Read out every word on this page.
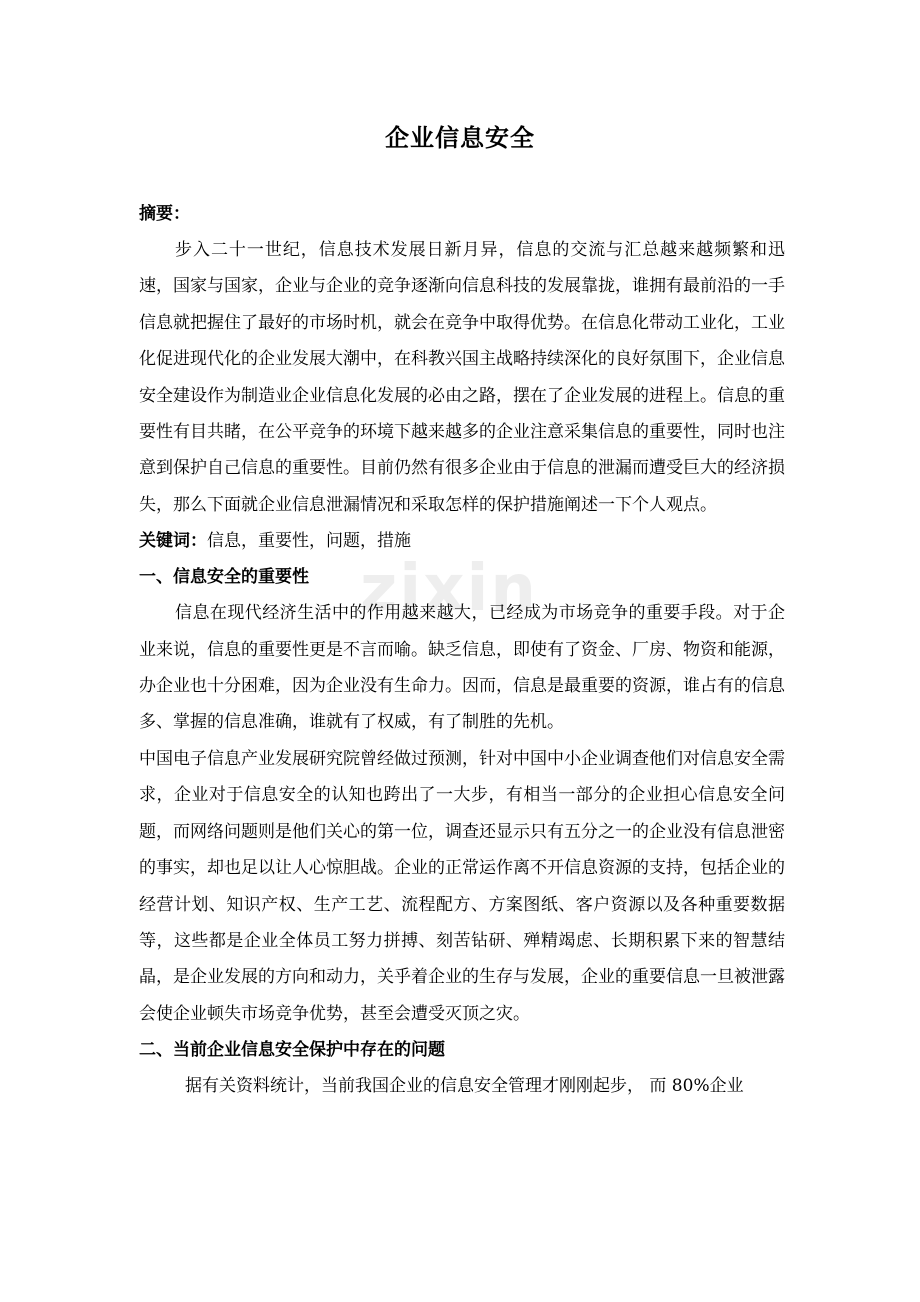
zixin
企业信息安全
摘要：

步入二十一世纪，信息技术发展日新月异，信息的交流与汇总越来越频繁和迅速，国家与国家，企业与企业的竞争逐渐向信息科技的发展靠拢，谁拥有最前沿的一手信息就把握住了最好的市场时机，就会在竞争中取得优势。在信息化带动工业化，工业化促进现代化的企业发展大潮中，在科教兴国主战略持续深化的良好氛围下，企业信息安全建设作为制造业企业信息化发展的必由之路，摆在了企业发展的进程上。信息的重要性有目共睹，在公平竞争的环境下越来越多的企业注意采集信息的重要性，同时也注意到保护自己信息的重要性。目前仍然有很多企业由于信息的泄漏而遭受巨大的经济损失，那么下面就企业信息泄漏情况和采取怎样的保护措施阐述一下个人观点。

关键词：信息，重要性，问题，措施
一、信息安全的重要性

信息在现代经济生活中的作用越来越大，已经成为市场竞争的重要手段。对于企业来说，信息的重要性更是不言而喻。缺乏信息，即使有了资金、厂房、物资和能源，办企业也十分困难，因为企业没有生命力。因而，信息是最重要的资源，谁占有的信息多、掌握的信息准确，谁就有了权威，有了制胜的先机。

中国电子信息产业发展研究院曾经做过预测，针对中国中小企业调查他们对信息安全需求，企业对于信息安全的认知也跨出了一大步，有相当一部分的企业担心信息安全问题，而网络问题则是他们关心的第一位，调查还显示只有五分之一的企业没有信息泄密的事实，却也足以让人心惊胆战。企业的正常运作离不开信息资源的支持，包括企业的经营计划、知识产权、生产工艺、流程配方、方案图纸、客户资源以及各种重要数据等，这些都是企业全体员工努力拼搏、刻苦钻研、殚精竭虑、长期积累下来的智慧结晶，是企业发展的方向和动力，关乎着企业的生存与发展，企业的重要信息一旦被泄露会使企业顿失市场竞争优势，甚至会遭受灭顶之灾。

二、当前企业信息安全保护中存在的问题

据有关资料统计，当前我国企业的信息安全管理才刚刚起步， 而 80%企业
